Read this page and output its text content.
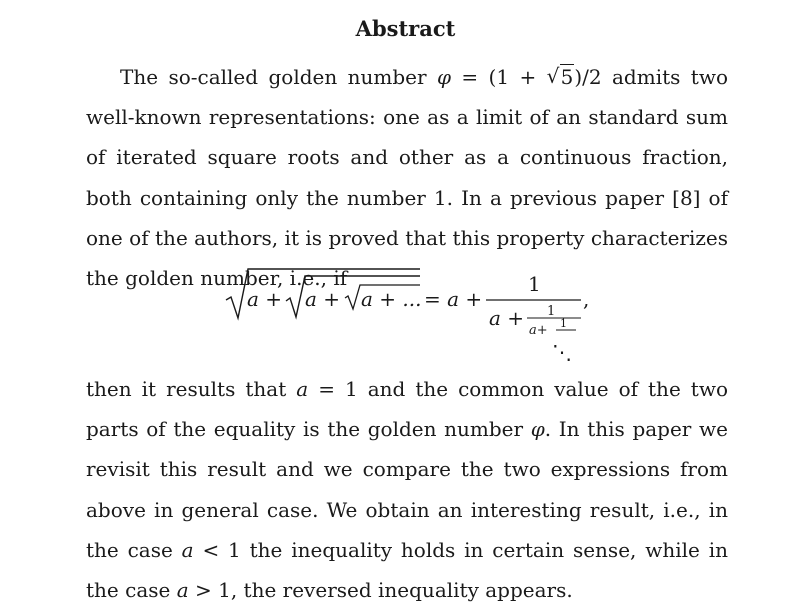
Abstract
The so-called golden number φ = (1 + √ 5)/2 admits two well-known representations: one as a limit of an standard sum of iterated square roots and other as a continuous fraction, both containing only the number 1. In a previous paper [8] of one of the authors, it is proved that this property characterizes the golden number, i.e., if
a + a + a + ... = a +
1
a + 1
a+ 1
⋱
,
then it results that a = 1 and the common value of the two parts of the equality is the golden number φ. In this paper we revisit this result and we compare the two expressions from above in general case. We obtain an interesting result, i.e., in the case a < 1 the inequality holds in certain sense, while in the case a > 1, the reversed inequality appears.
